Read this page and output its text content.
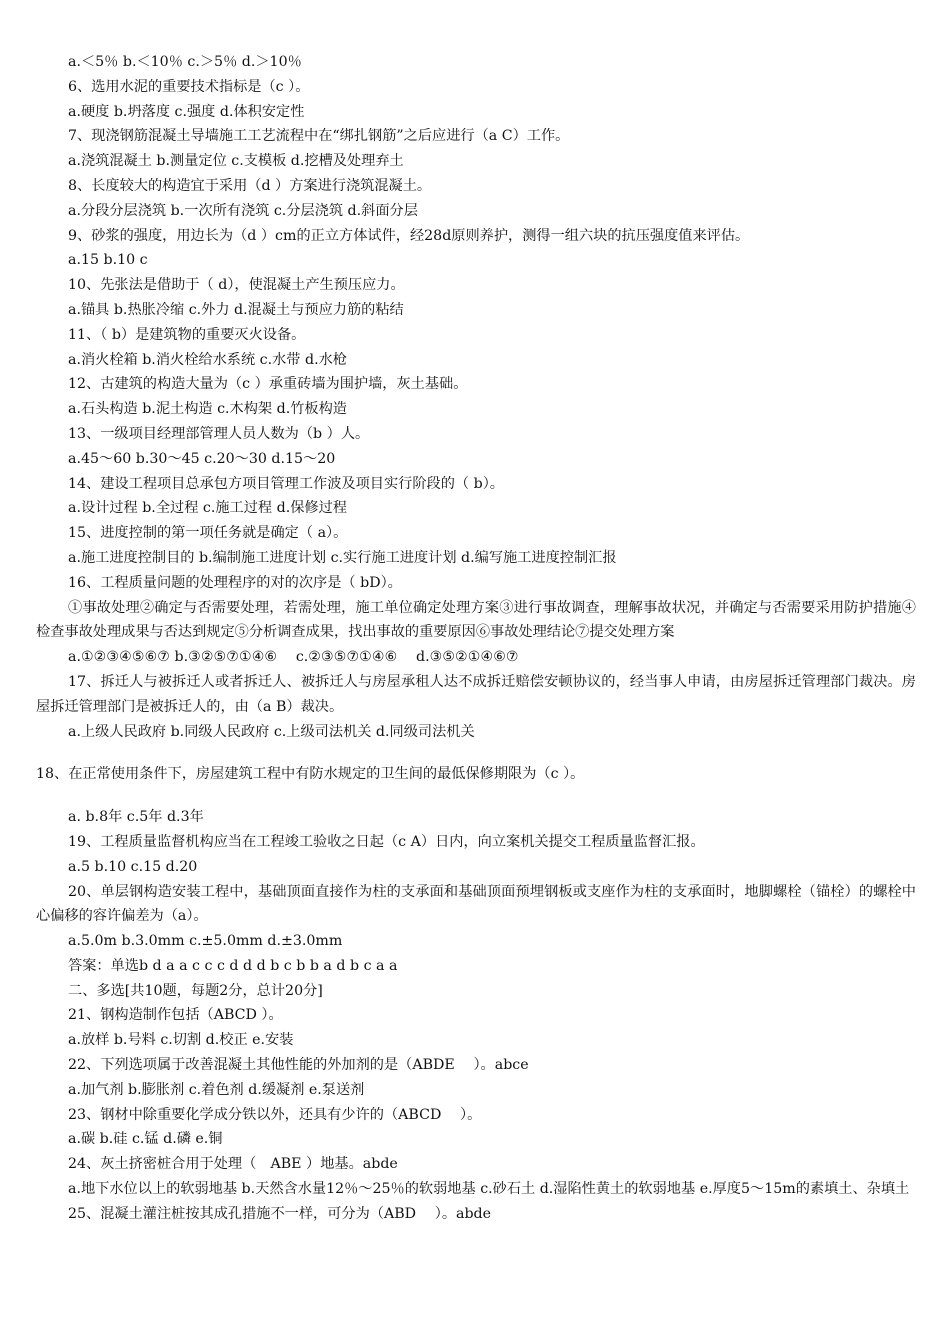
a.＜5％ b.＜10％ c.＞5％ d.＞10％
6、选用水泥的重要技术指标是（c ）。
a.硬度 b.坍落度 c.强度 d.体积安定性
7、现浇钢筋混凝土导墙施工工艺流程中在“绑扎钢筋”之后应进行（a C）工作。
a.浇筑混凝土 b.测量定位 c.支模板 d.挖槽及处理弃土
8、长度较大的构造宜于采用（d ）方案进行浇筑混凝土。
a.分段分层浇筑 b.一次所有浇筑 c.分层浇筑 d.斜面分层
9、砂浆的强度，用边长为（d ）cm的正立方体试件，经28d原则养护，测得一组六块的抗压强度值来评估。
a.15 b.10 c
10、先张法是借助于（ d），使混凝土产生预压应力。
a.锚具 b.热胀冷缩 c.外力 d.混凝土与预应力筋的粘结
11、（ b）是建筑物的重要灭火设备。
a.消火栓箱 b.消火栓给水系统 c.水带 d.水枪
12、古建筑的构造大量为（c ）承重砖墙为围护墙，灰土基础。
a.石头构造 b.泥土构造 c.木构架 d.竹板构造
13、一级项目经理部管理人员人数为（b ）人。
a.45～60 b.30～45 c.20～30 d.15～20
14、建设工程项目总承包方项目管理工作波及项目实行阶段的（ b）。
a.设计过程 b.全过程 c.施工过程 d.保修过程
15、进度控制的第一项任务就是确定（ a）。
a.施工进度控制目的 b.编制施工进度计划 c.实行施工进度计划 d.编写施工进度控制汇报
16、工程质量问题的处理程序的对的次序是（ bD）。
①事故处理②确定与否需要处理，若需处理，施工单位确定处理方案③进行事故调查，理解事故状况，并确定与否需要采用防护措施④检查事故处理成果与否达到规定⑤分析调查成果，找出事故的重要原因⑥事故处理结论⑦提交处理方案
a.①②③④⑤⑥⑦ b.③②⑤⑦①④⑥　 c.②③⑤⑦①④⑥　 d.③⑤②①④⑥⑦
17、拆迁人与被拆迁人或者拆迁人、被拆迁人与房屋承租人达不成拆迁赔偿安顿协议的，经当事人申请，由房屋拆迁管理部门裁决。房屋拆迁管理部门是被拆迁人的，由（a B）裁决。
a.上级人民政府 b.同级人民政府 c.上级司法机关 d.同级司法机关
18、在正常使用条件下，房屋建筑工程中有防水规定的卫生间的最低保修期限为（c ）。
a. b.8年 c.5年 d.3年
19、工程质量监督机构应当在工程竣工验收之日起（c A）日内，向立案机关提交工程质量监督汇报。
a.5 b.10 c.15 d.20
20、单层钢构造安装工程中，基础顶面直接作为柱的支承面和基础顶面预埋钢板或支座作为柱的支承面时，地脚螺栓（锚栓）的螺栓中心偏移的容许偏差为（a）。
a.5.0m b.3.0mm c.±5.0mm d.±3.0mm
答案：单选b d a a c c c d d d b c b b a d b c a a
二、多选[共10题，每题2分，总计20分]
21、钢构造制作包括（ABCD ）。
a.放样 b.号料 c.切割 d.校正 e.安装
22、下列选项属于改善混凝土其他性能的外加剂的是（ABDE　 ）。abce
a.加气剂 b.膨胀剂 c.着色剂 d.缓凝剂 e.泵送剂
23、钢材中除重要化学成分铁以外，还具有少许的（ABCD　 ）。
a.碳 b.硅 c.锰 d.磷 e.铜
24、灰土挤密桩合用于处理（　ABE ）地基。abde
a.地下水位以上的软弱地基 b.天然含水量12％～25％的软弱地基 c.砂石土 d.湿陷性黄土的软弱地基 e.厚度5～15m的素填土、杂填土
25、混凝土灌注桩按其成孔措施不一样，可分为（ABD　 ）。abde
